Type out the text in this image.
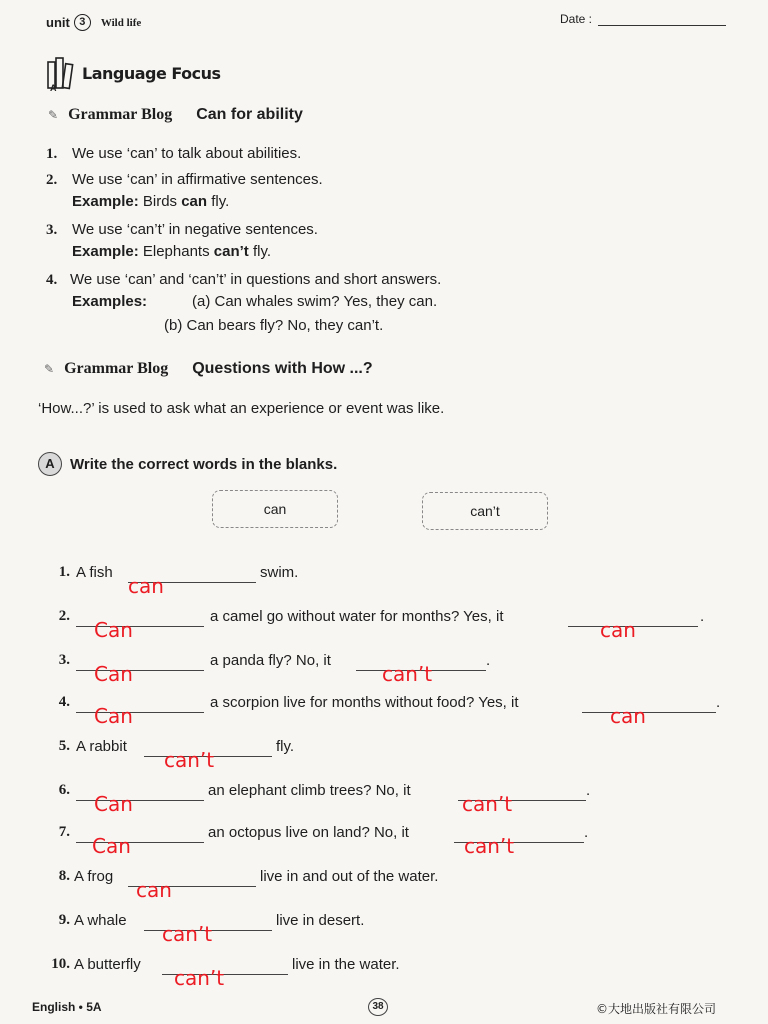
unit 3	Wild life	Date :
A
Language Focus
✎ Grammar Blog Can for ability
1. We use ‘can’ to talk about abilities.
2. We use ‘can’ in affirmative sentences.
Example: Birds can fly.
3. We use ‘can’t’ in negative sentences.
Example: Elephants can’t fly.
4. We use ‘can’ and ‘can’t’ in questions and short answers.
Examples:	(a) Can whales swim? Yes, they can.
(b) Can bears fly? No, they can’t.
✎ Grammar Blog Questions with How ...?
‘How...?’ is used to ask what an experience or event was like.
A	Write the correct words in the blanks.
can	can’t
1. A fish
can
swim.
2.
Can
a camel go without water for months? Yes, it
can
.
3.
Can
a panda fly? No, it
can’t
.
4.
Can
a scorpion live for months without food? Yes, it
can
.
5. A rabbit
can’t
fly.
6.
Can
an elephant climb trees? No, it
can’t
.
7.
Can
an octopus live on land? No, it
can’t
.
8. A frog
can
live in and out of the water.
9. A whale
can’t
live in desert.
10. A butterfly
can’t
live in the water.
English • 5A	38	©大地出版社有限公司
